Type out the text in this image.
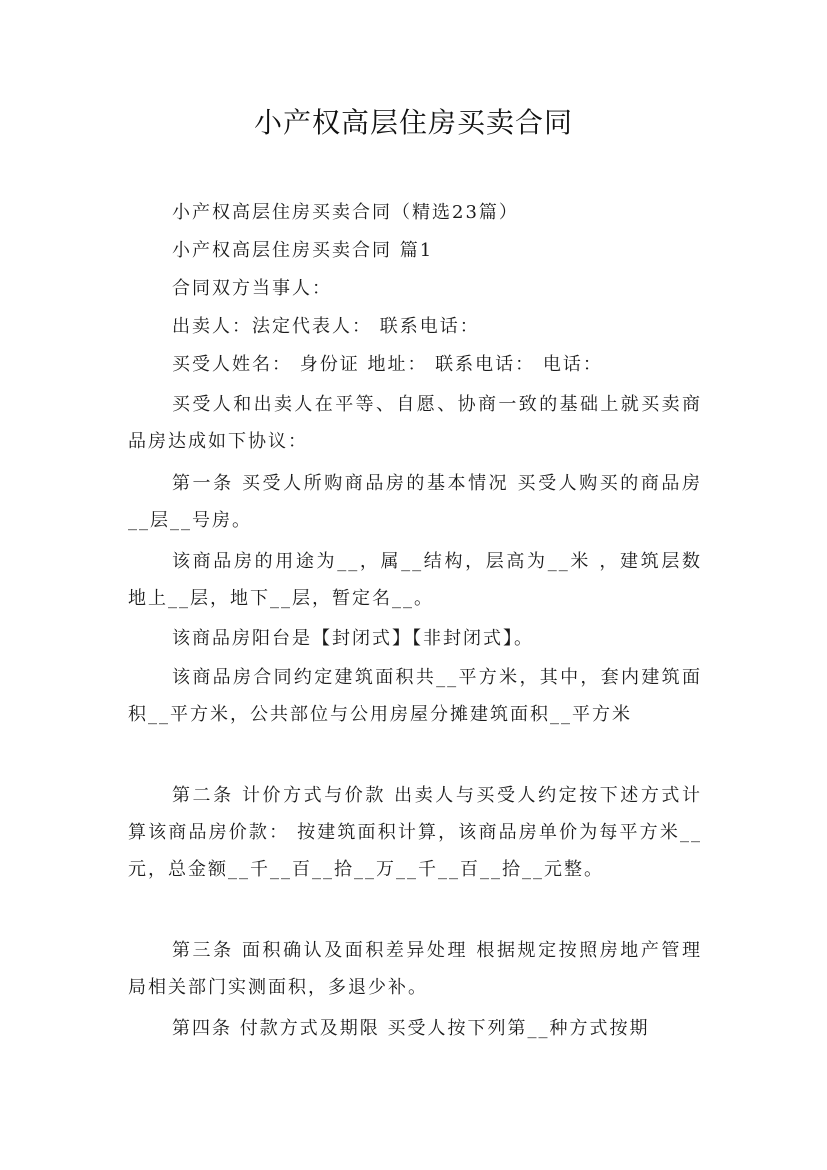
小产权高层住房买卖合同

小产权高层住房买卖合同（精选23篇）

小产权高层住房买卖合同 篇1

合同双方当事人：

出卖人：法定代表人： 联系电话：

买受人姓名： 身份证 地址： 联系电话： 电话：

买受人和出卖人在平等、自愿、协商一致的基础上就买卖商品房达成如下协议：

第一条 买受人所购商品房的基本情况 买受人购买的商品房__层__号房。

该商品房的用途为__，属__结构，层高为__米 ，建筑层数地上__层，地下__层，暂定名__。

该商品房阳台是【封闭式】【非封闭式】。

该商品房合同约定建筑面积共__平方米，其中，套内建筑面积__平方米，公共部位与公用房屋分摊建筑面积__平方米

第二条 计价方式与价款 出卖人与买受人约定按下述方式计算该商品房价款： 按建筑面积计算，该商品房单价为每平方米__元，总金额__千__百__拾__万__千__百__拾__元整。

第三条 面积确认及面积差异处理 根据规定按照房地产管理局相关部门实测面积，多退少补。

第四条 付款方式及期限 买受人按下列第__种方式按期
